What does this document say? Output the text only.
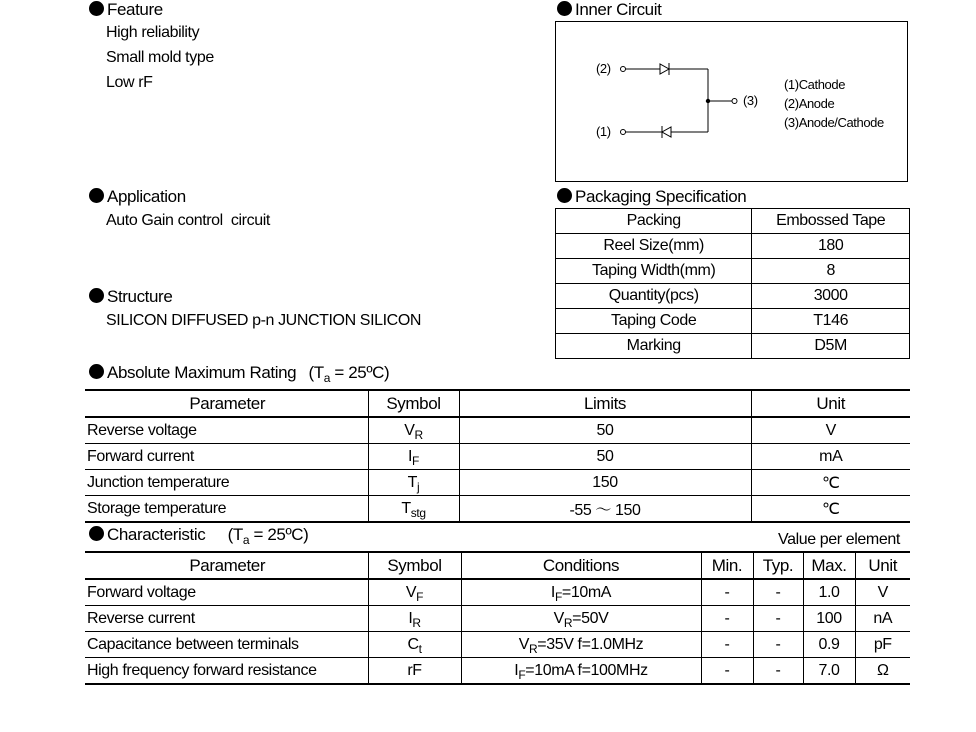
Feature
High reliability
Small mold type
Low rF
Inner Circuit
(2)
(1)
(3)
(1)Cathode
(2)Anode
(3)Anode/Cathode
Application
Auto Gain control  circuit
Packaging Specification
Packing	Embossed Tape
Reel Size(mm)	180
Taping Width(mm)	8
Quantity(pcs)	3000
Taping Code	T146
Marking	D5M
Structure
SILICON DIFFUSED p-n JUNCTION SILICON
Absolute Maximum Rating ($T_a$ = 25ºC)
Parameter	Symbol	Limits	Unit
Reverse voltage	$V_R$	50	V
Forward current	$I_F$	50	mA
Junction temperature	$T_j$	150	℃
Storage temperature	$T_{stg}$	-55 ～ 150	℃
Characteristic ($T_a$ = 25ºC)	Value per element
Parameter	Symbol	Conditions	Min.	Typ.	Max.	Unit
Forward voltage	$V_F$	$I_F=10mA$	-	-	1.0	V
Reverse current	$I_R$	$V_R=50V$	-	-	100	nA
Capacitance between terminals	$C_t$	$V_R=35V$ f=1.0MHz	-	-	0.9	pF
High frequency forward resistance	rF	$I_F=10mA$ f=100MHz	-	-	7.0	Ω
